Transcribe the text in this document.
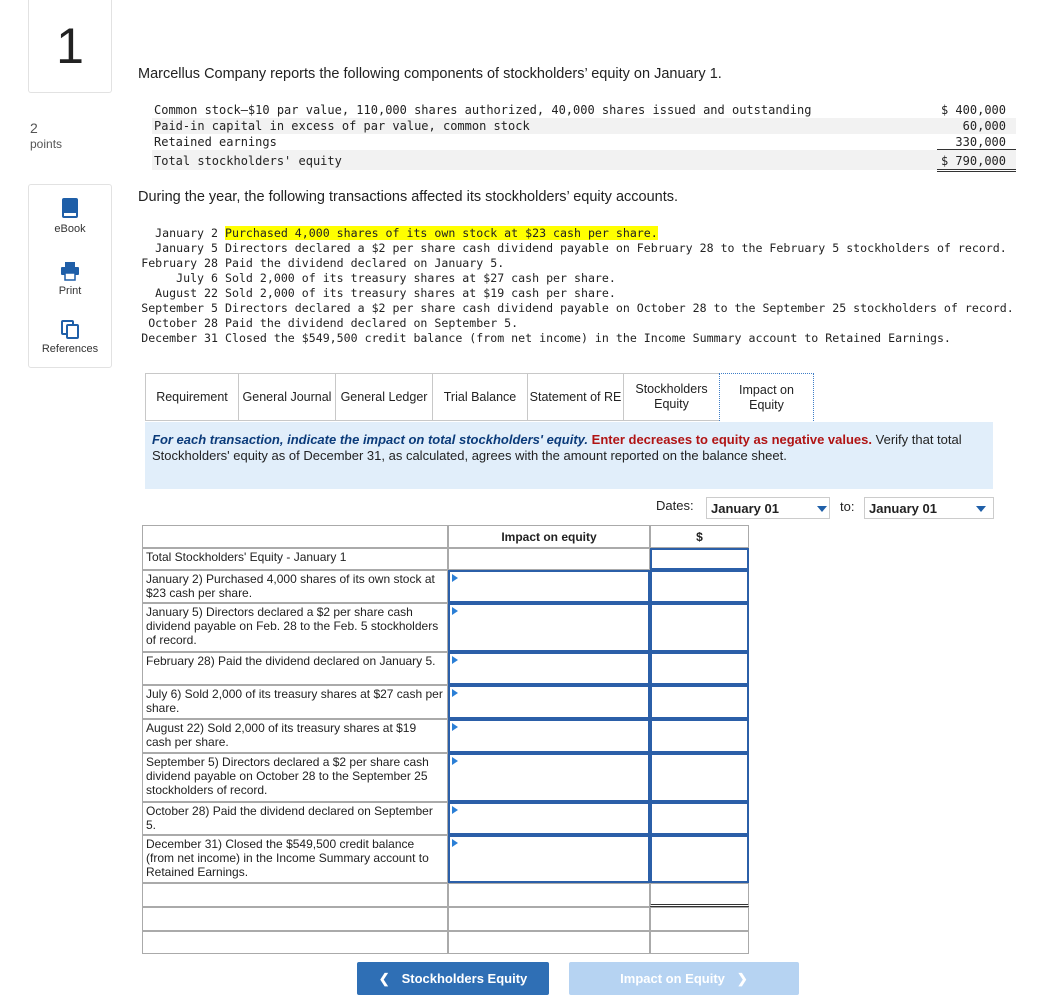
1
2
points
eBook
Print
References
Marcellus Company reports the following components of stockholders’ equity on January 1.
Common stock—$10 par value, 110,000 shares authorized, 40,000 shares issued and outstanding	$ 400,000
Paid-in capital in excess of par value, common stock	60,000
Retained earnings	330,000
Total stockholders' equity	$ 790,000
During the year, the following transactions affected its stockholders’ equity accounts.
January 2 Purchased 4,000 shares of its own stock at $23 cash per share.
January 5 Directors declared a $2 per share cash dividend payable on February 28 to the February 5 stockholders of record.
February 28 Paid the dividend declared on January 5.
July 6 Sold 2,000 of its treasury shares at $27 cash per share.
August 22 Sold 2,000 of its treasury shares at $19 cash per share.
September 5 Directors declared a $2 per share cash dividend payable on October 28 to the September 25 stockholders of record.
October 28 Paid the dividend declared on September 5.
December 31 Closed the $549,500 credit balance (from net income) in the Income Summary account to Retained Earnings.
Requirement	General Journal General Ledger	Trial Balance	Statement of RE
Stockholders Equity
Impact on Equity

For each transaction, indicate the impact on total stockholders' equity. Enter decreases to equity as negative values. Verify that total Stockholders' equity as of December 31, as calculated, agrees with the amount reported on the balance sheet.

Dates:	January 01	to:	January 01
Impact on equity	$
Total Stockholders' Equity - January 1
January 2) Purchased 4,000 shares of its own stock at $23 cash per share.
January 5) Directors declared a $2 per share cash dividend payable on Feb. 28 to the Feb. 5 stockholders of record.
February 28) Paid the dividend declared on January 5.
July 6) Sold 2,000 of its treasury shares at $27 cash per share.
August 22) Sold 2,000 of its treasury shares at $19 cash per share.
September 5) Directors declared a $2 per share cash dividend payable on October 28 to the September 25 stockholders of record.
October 28) Paid the dividend declared on September 5.
December 31) Closed the $549,500 credit balance (from net income) in the Income Summary account to Retained Earnings.
❮ Stockholders Equity	Impact on Equity ❯
